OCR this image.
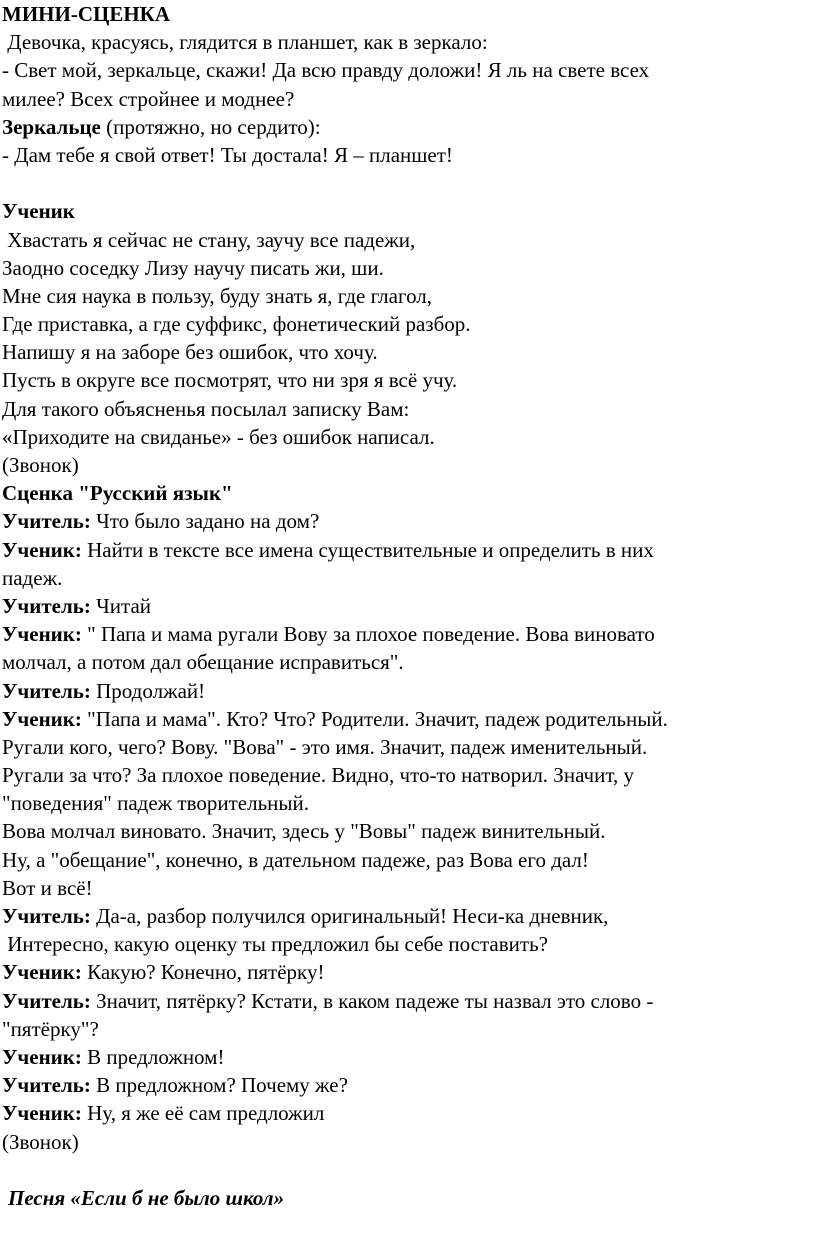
МИНИ-СЦЕНКА
Девочка, красуясь, глядится в планшет, как в зеркало:
- Свет мой, зеркальце, скажи! Да всю правду доложи! Я ль на свете всех
милее? Всех стройнее и моднее?
Зеркальце (протяжно, но сердито):
- Дам тебе я свой ответ! Ты достала! Я – планшет!
Ученик
Хвастать я сейчас не стану, заучу все падежи,
Заодно соседку Лизу научу писать жи, ши.
Мне сия наука в пользу, буду знать я, где глагол,
Где приставка, а где суффикс, фонетический разбор.
Напишу я на заборе без ошибок, что хочу.
Пусть в округе все посмотрят, что ни зря я всё учу.
Для такого объясненья посылал записку Вам:
«Приходите на свиданье» - без ошибок написал.
(Звонок)
Сценка "Русский язык"
Учитель: Что было задано на дом?
Ученик: Найти в тексте все имена существительные и определить в них
падеж.
Учитель: Читай
Ученик: " Папа и мама ругали Вову за плохое поведение. Вова виновато
молчал, а потом дал обещание исправиться".
Учитель: Продолжай!
Ученик: "Папа и мама". Кто? Что? Родители. Значит, падеж родительный.
Ругали кого, чего? Вову. "Вова" - это имя. Значит, падеж именительный.
Ругали за что? За плохое поведение. Видно, что-то натворил. Значит, у
"поведения" падеж творительный.
Вова молчал виновато. Значит, здесь у "Вовы" падеж винительный.
Ну, а "обещание", конечно, в дательном падеже, раз Вова его дал!
Вот и всё!
Учитель: Да-а, разбор получился оригинальный! Неси-ка дневник,
Интересно, какую оценку ты предложил бы себе поставить?
Ученик: Какую? Конечно, пятёрку!
Учитель: Значит, пятёрку? Кстати, в каком падеже ты назвал это слово -
"пятёрку"?
Ученик: В предложном!
Учитель: В предложном? Почему же?
Ученик: Ну, я же её сам предложил
(Звонок)
Песня «Если б не было школ»
